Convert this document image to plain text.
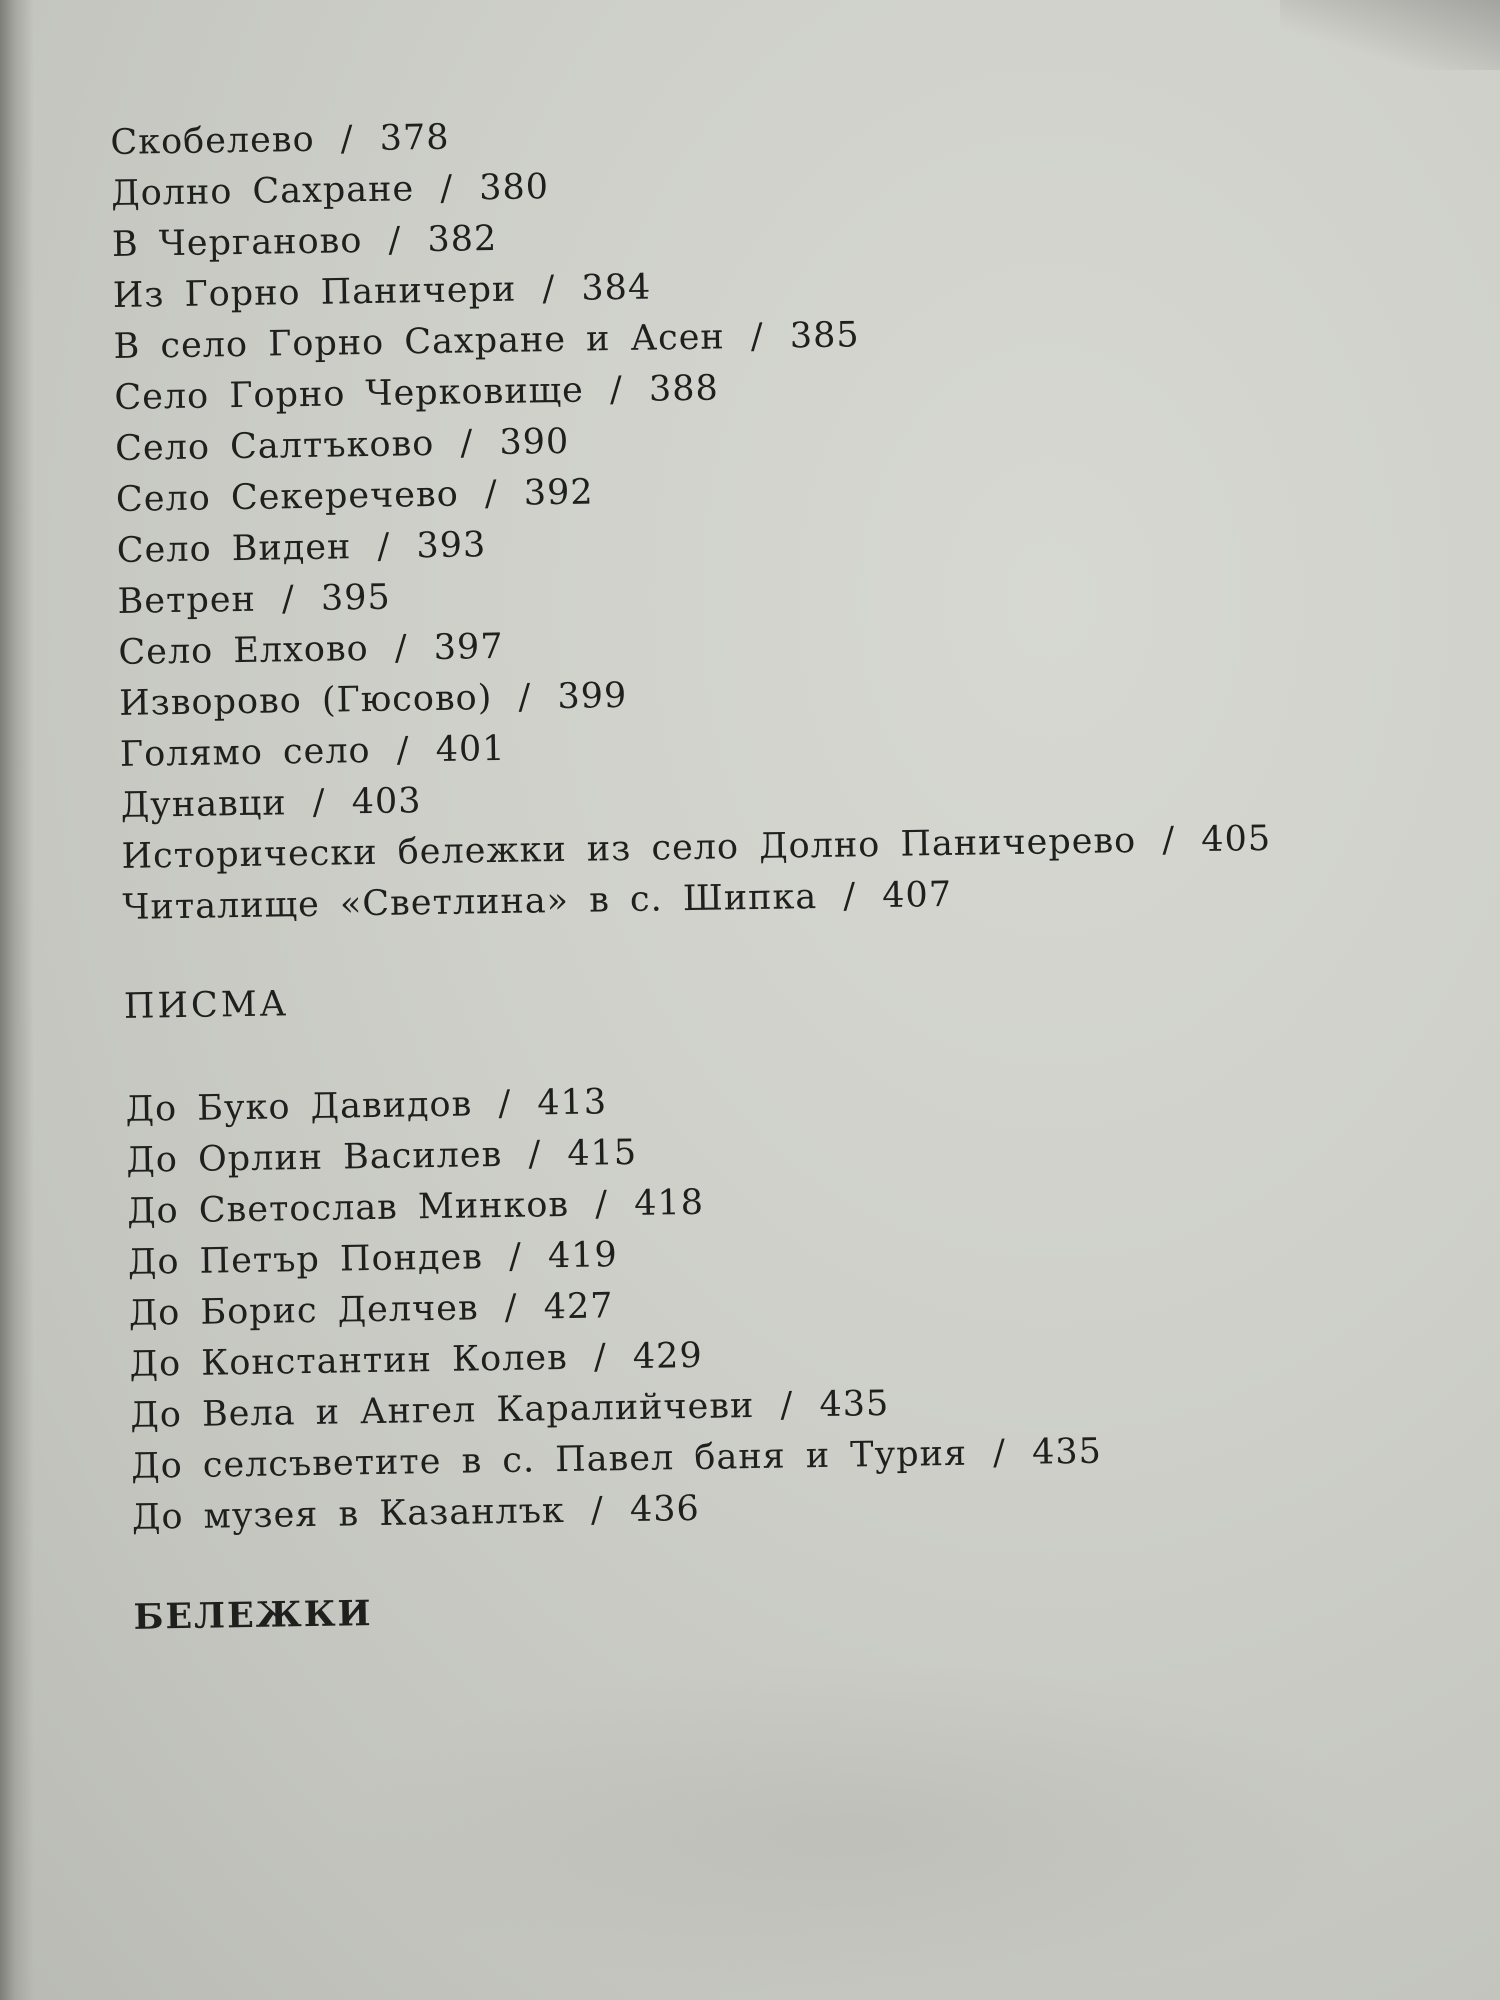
Скобелево / 378
Долно Сахране / 380
В Черганово / 382
Из Горно Паничери / 384
В село Горно Сахране и Асен / 385
Село Горно Черковище / 388
Село Салтъково / 390
Село Секеречево / 392
Село Виден / 393
Ветрен / 395
Село Елхово / 397
Изворово (Гюсово) / 399
Голямо село / 401
Дунавци / 403
Исторически бележки из село Долно Паничерево / 405
Читалище «Светлина» в с. Шипка / 407
ПИСМА
До Буко Давидов / 413
До Орлин Василев / 415
До Светослав Минков / 418
До Петър Пондев / 419
До Борис Делчев / 427
До Константин Колев / 429
До Вела и Ангел Каралийчеви / 435
До селсъветите в с. Павел баня и Турия / 435
До музея в Казанлък / 436
БЕЛЕЖКИ
